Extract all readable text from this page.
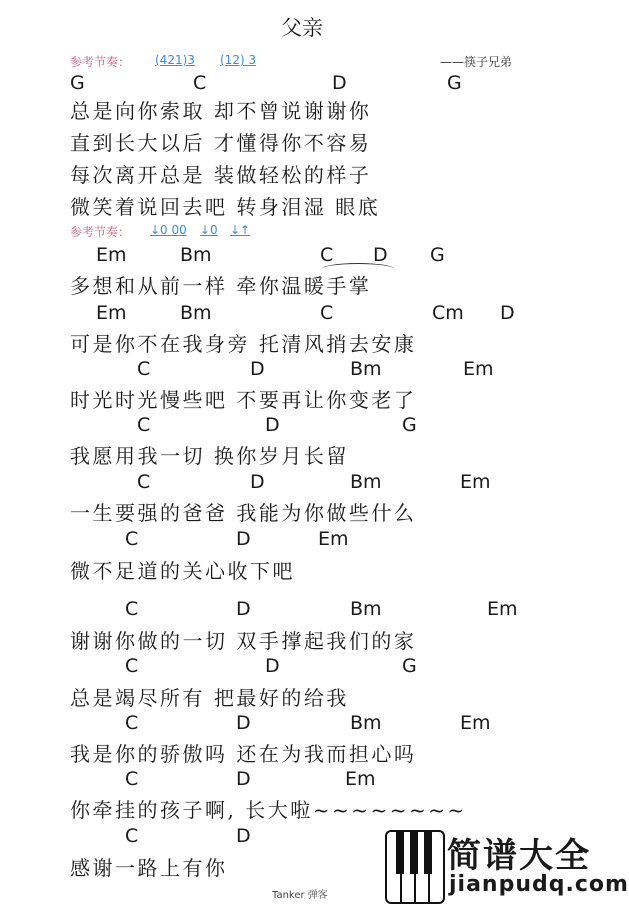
父亲
参考节奏： (421)3 (12) 3	——筷子兄弟
参考节奏： ↓0 00 ↓0 ↓↑
G	C	D	G
总是向你索取 却不曾说谢谢你
直到长大以后 才懂得你不容易
每次离开总是 装做轻松的样子
微笑着说回去吧 转身泪湿 眼底
Em	Bm	C D G
多想和从前一样 牵你温暖手掌
Em	Bm	C	Cm D
可是你不在我身旁 托清风捎去安康
C	D	Bm	Em
时光时光慢些吧 不要再让你变老了
C	D	G
我愿用我一切 换你岁月长留
C	D	Bm	Em
一生要强的爸爸 我能为你做些什么
C	D	Em
微不足道的关心收下吧
C	D	Bm	Em
谢谢你做的一切 双手撑起我们的家
C	D	G
总是竭尽所有 把最好的给我
C	D	Bm	Em
我是你的骄傲吗 还在为我而担心吗
C	D	Em
你牵挂的孩子啊, 长大啦~~~~~~~~
C	D
感谢一路上有你
Tanker 弹客
简谱大全
jianpudq.com
